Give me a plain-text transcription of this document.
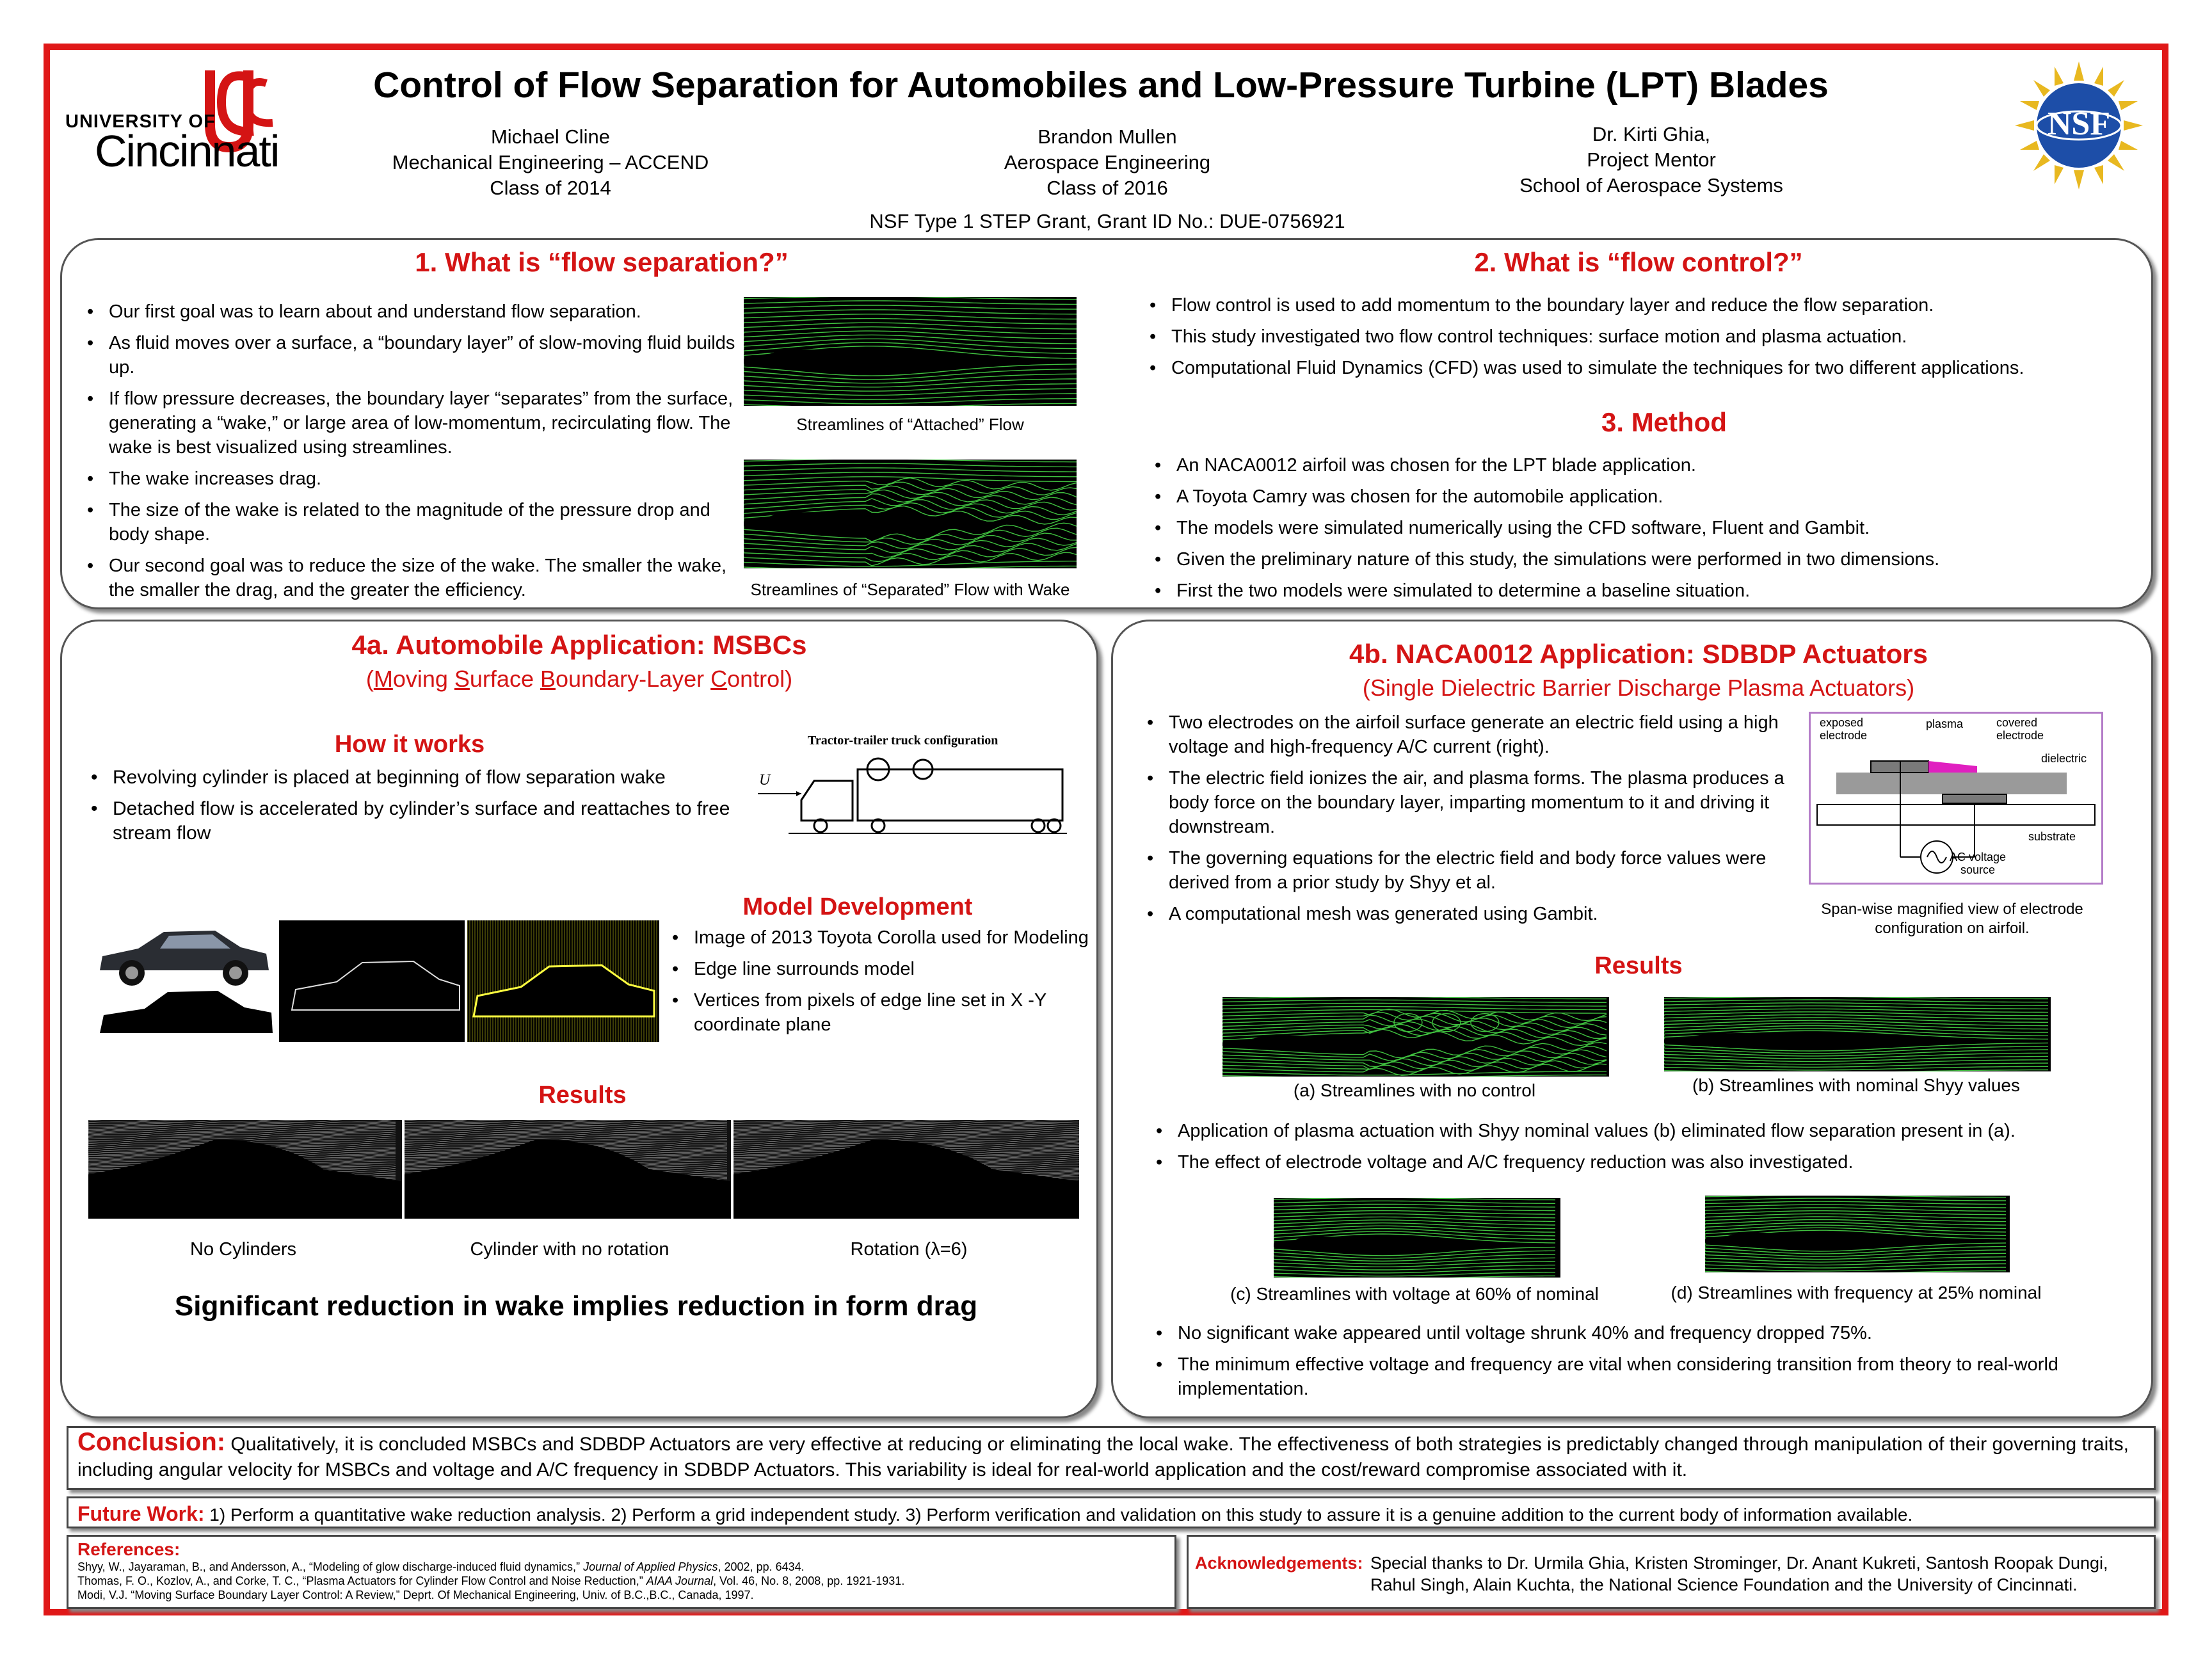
UNIVERSITY OF
Cincinnati
NSF
Control of Flow Separation for Automobiles and Low-Pressure Turbine (LPT) Blades
Michael Cline
Mechanical Engineering – ACCEND
Class of 2014
Brandon Mullen
Aerospace Engineering
Class of 2016
Dr. Kirti Ghia,
Project Mentor
School of Aerospace Systems
NSF Type 1 STEP Grant, Grant ID No.: DUE-0756921
1. What is “flow separation?”
• Our first goal was to learn about and understand flow separation.
• As fluid moves over a surface, a “boundary layer” of slow-moving fluid builds up.
• If flow pressure decreases, the boundary layer “separates” from the surface, generating a “wake,” or large area of low-momentum, recirculating flow. The wake is best visualized using streamlines.
• The wake increases drag.
• The size of the wake is related to the magnitude of the pressure drop and body shape.
• Our second goal was to reduce the size of the wake. The smaller the wake, the smaller the drag, and the greater the efficiency.
Streamlines of “Attached” Flow
Streamlines of “Separated” Flow with Wake
2. What is “flow control?”
• Flow control is used to add momentum to the boundary layer and reduce the flow separation.
• This study investigated two flow control techniques: surface motion and plasma actuation.
• Computational Fluid Dynamics (CFD) was used to simulate the techniques for two different applications.
3. Method
• An NACA0012 airfoil was chosen for the LPT blade application.
• A Toyota Camry was chosen for the automobile application.
• The models were simulated numerically using the CFD software, Fluent and Gambit.
• Given the preliminary nature of this study, the simulations were performed in two dimensions.
• First the two models were simulated to determine a baseline situation.
4a. Automobile Application: MSBCs
(Moving Surface Boundary-Layer Control)
How it works
• Revolving cylinder is placed at beginning of flow separation wake
• Detached flow is accelerated by cylinder’s surface and reattaches to free stream flow
Tractor-trailer truck configuration
U
Model Development
• Image of 2013 Toyota Corolla used for Modeling
• Edge line surrounds model
• Vertices from pixels of edge line set in X -Y coordinate plane
Results
No Cylinders	Cylinder with no rotation	Rotation (λ=6)
Significant reduction in wake implies reduction in form drag
4b. NACA0012 Application: SDBDP Actuators
(Single Dielectric Barrier Discharge Plasma Actuators)
• Two electrodes on the airfoil surface generate an electric field using a high voltage and high-frequency A/C current (right).
• The electric field ionizes the air, and plasma forms. The plasma produces a body force on the boundary layer, imparting momentum to it and driving it downstream.
• The governing equations for the electric field and body force values were derived from a prior study by Shyy et al.
• A computational mesh was generated using Gambit.
exposed electrode
plasma	covered electrode
dielectric
substrate
AC voltage source
Span-wise magnified view of electrode configuration on airfoil.
Results
(a) Streamlines with no control	(b) Streamlines with nominal Shyy values
• Application of plasma actuation with Shyy nominal values (b) eliminated flow separation present in (a).
• The effect of electrode voltage and A/C frequency reduction was also investigated.
(c) Streamlines with voltage at 60% of nominal	(d) Streamlines with frequency at 25% nominal
• No significant wake appeared until voltage shrunk 40% and frequency dropped 75%.
• The minimum effective voltage and frequency are vital when considering transition from theory to real-world implementation.
Conclusion: Qualitatively, it is concluded MSBCs and SDBDP Actuators are very effective at reducing or eliminating the local wake. The effectiveness of both strategies is predictably changed through manipulation of their governing traits, including angular velocity for MSBCs and voltage and A/C frequency in SDBDP Actuators. This variability is ideal for real-world application and the cost/reward compromise associated with it.
Future Work: 1) Perform a quantitative wake reduction analysis. 2) Perform a grid independent study. 3) Perform verification and validation on this study to assure it is a genuine addition to the current body of information available.
References:
Shyy, W., Jayaraman, B., and Andersson, A., “Modeling of glow discharge-induced fluid dynamics,” Journal of Applied Physics, 2002, pp. 6434.
Thomas, F. O., Kozlov, A., and Corke, T. C., “Plasma Actuators for Cylinder Flow Control and Noise Reduction,” AIAA Journal, Vol. 46, No. 8, 2008, pp. 1921-1931.
Modi, V.J. “Moving Surface Boundary Layer Control: A Review,” Deprt. Of Mechanical Engineering, Univ. of B.C.,B.C., Canada, 1997.
Acknowledgements: Special thanks to Dr. Urmila Ghia, Kristen Strominger, Dr. Anant Kukreti, Santosh Roopak Dungi,
Rahul Singh, Alain Kuchta, the National Science Foundation and the University of Cincinnati.
